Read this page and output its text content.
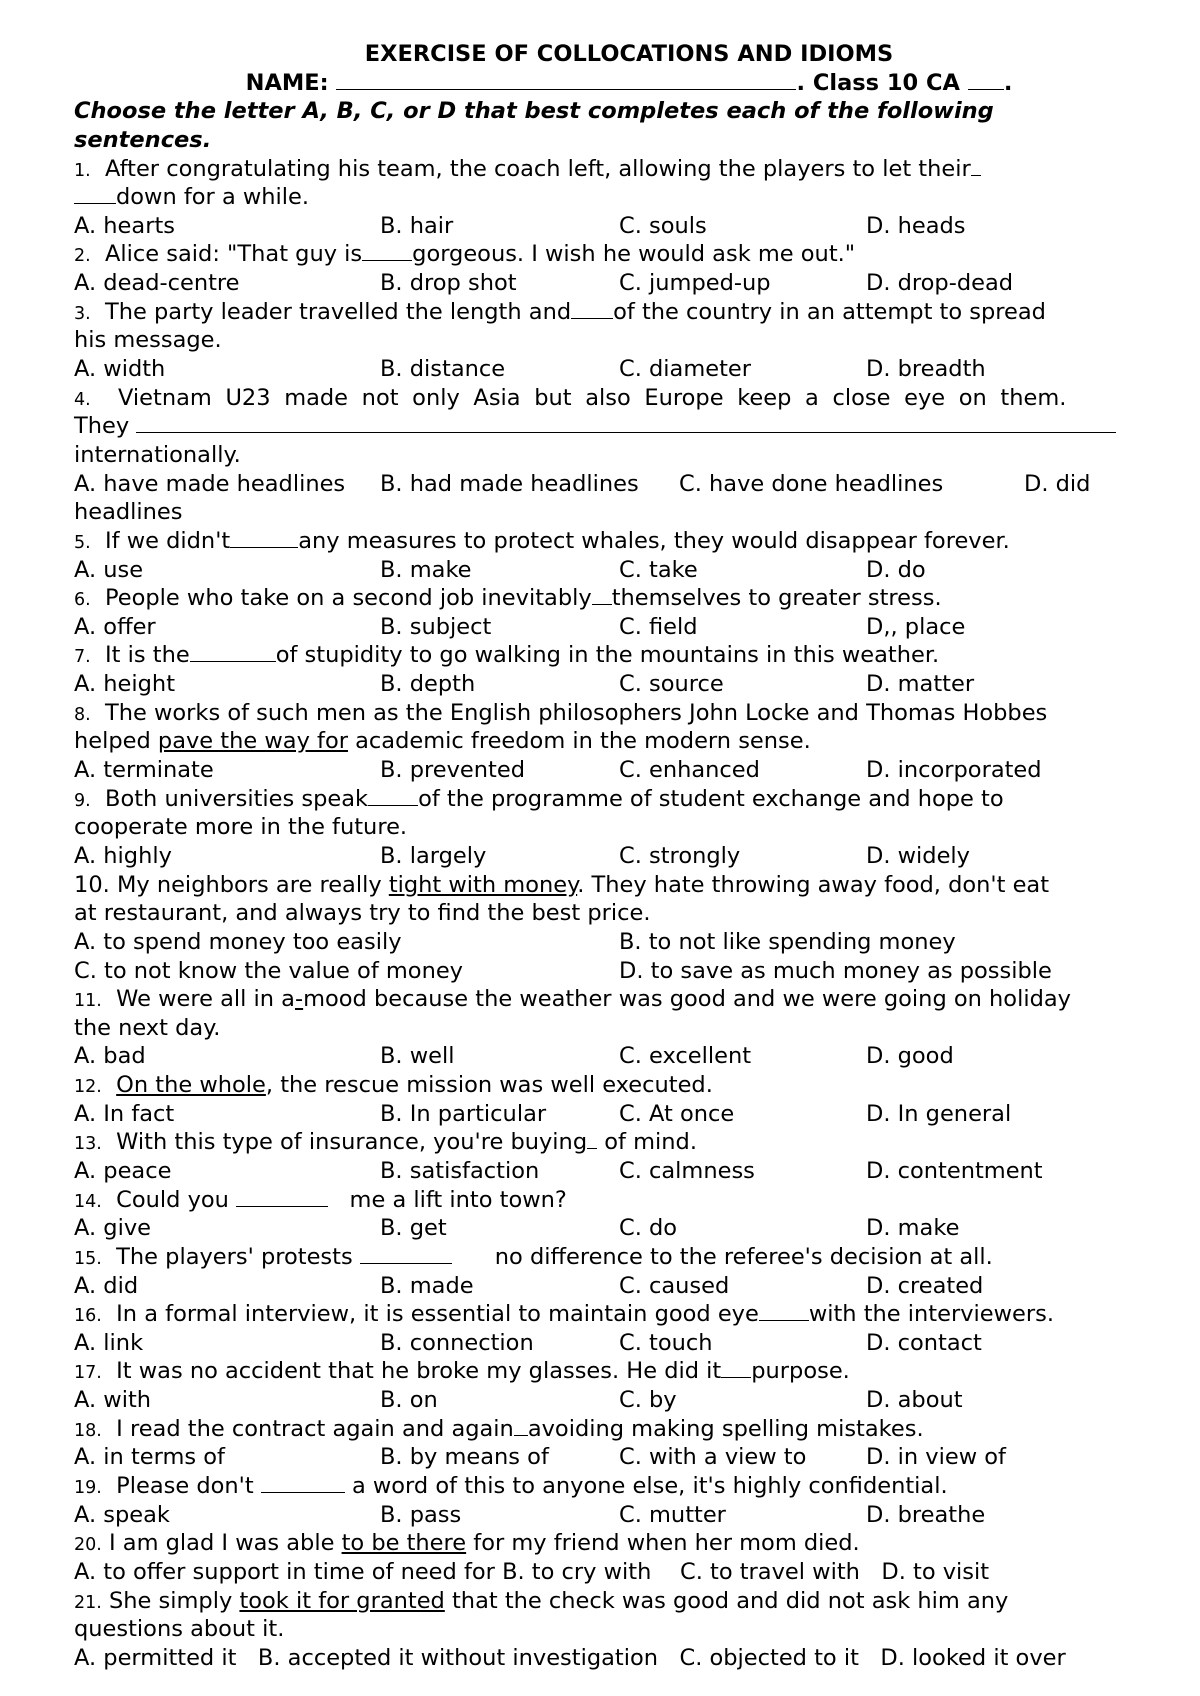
EXERCISE OF COLLOCATIONS AND IDIOMS
NAME:	. Class 10 CA .
Choose the letter A, B, C, or D that best completes each of the following
sentences.
1. After congratulating his team, the coach left, allowing the players to let their
down for a while.
A. hearts	B. hair	C. souls	D. heads
2. Alice said: "That guy is gorgeous. I wish he would ask me out."
A. dead-centre	B. drop shot	C. jumped-up	D. drop-dead
3. The party leader travelled the length and of the country in an attempt to spread
his message.
A. width	B. distance	C. diameter	D. breadth
4. Vietnam U23 made not only Asia but also Europe keep a close eye on them.
They
internationally.
A. have made headlines B. had made headlines C. have done headlines	D. did
headlines
5. If we didn't	any measures to protect whales, they would disappear forever.
A. use	B. make	C. take	D. do
6. People who take on a second job inevitably themselves to greater stress.
A. offer	B. subject	C. field	D,, place
7. It is the	of stupidity to go walking in the mountains in this weather.
A. height	B. depth	C. source	D. matter
8. The works of such men as the English philosophers John Locke and Thomas Hobbes
helped pave the way for academic freedom in the modern sense.
A. terminate	B. prevented	C. enhanced	D. incorporated
9. Both universities speak of the programme of student exchange and hope to
cooperate more in the future.
A. highly	B. largely	C. strongly	D. widely
10. My neighbors are really tight with money. They hate throwing away food, don't eat
at restaurant, and always try to find the best price.
A. to spend money too easily	B. to not like spending money
C. to not know the value of money	D. to save as much money as possible
11. We were all in a-mood because the weather was good and we were going on holiday
the next day.
A. bad	B. well	C. excellent	D. good
12. On the whole, the rescue mission was well executed.
A. In fact	B. In particular	C. At once	D. In general
13. With this type of insurance, you're buying of mind.
A. peace	B. satisfaction	C. calmness	D. contentment
14. Could you	me a lift into town?
A. give	B. get	C. do	D. make
15. The players' protests	no difference to the referee's decision at all.
A. did	B. made	C. caused	D. created
16. In a formal interview, it is essential to maintain good eye with the interviewers.
A. link	B. connection	C. touch	D. contact
17. It was no accident that he broke my glasses. He did it purpose.
A. with	B. on	C. by	D. about
18. I read the contract again and again avoiding making spelling mistakes.
A. in terms of	B. by means of	C. with a view to	D. in view of
19. Please don't	a word of this to anyone else, it's highly confidential.
A. speak	B. pass	C. mutter	D. breathe
20. I am glad I was able to be there for my friend when her mom died.
A. to offer support in time of need for B. to cry with C. to travel with D. to visit
21. She simply took it for granted that the check was good and did not ask him any
questions about it.
A. permitted it B. accepted it without investigation C. objected to it D. looked it over
